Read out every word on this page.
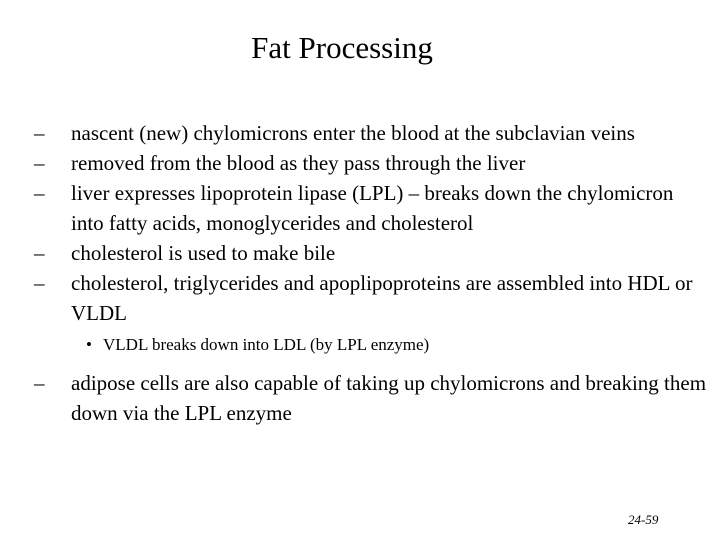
Fat Processing
–	nascent (new) chylomicrons enter the blood at the subclavian veins
–	removed from the blood as they pass through the liver
–	liver expresses lipoprotein lipase (LPL) – breaks down the chylomicron into fatty acids, monoglycerides and cholesterol
–	cholesterol is used to make bile
–	cholesterol, triglycerides and apoplipoproteins are assembled into HDL or VLDL
• VLDL breaks down into LDL (by LPL enzyme)
–	adipose cells are also capable of taking up chylomicrons and breaking them down via the LPL enzyme
24-59
